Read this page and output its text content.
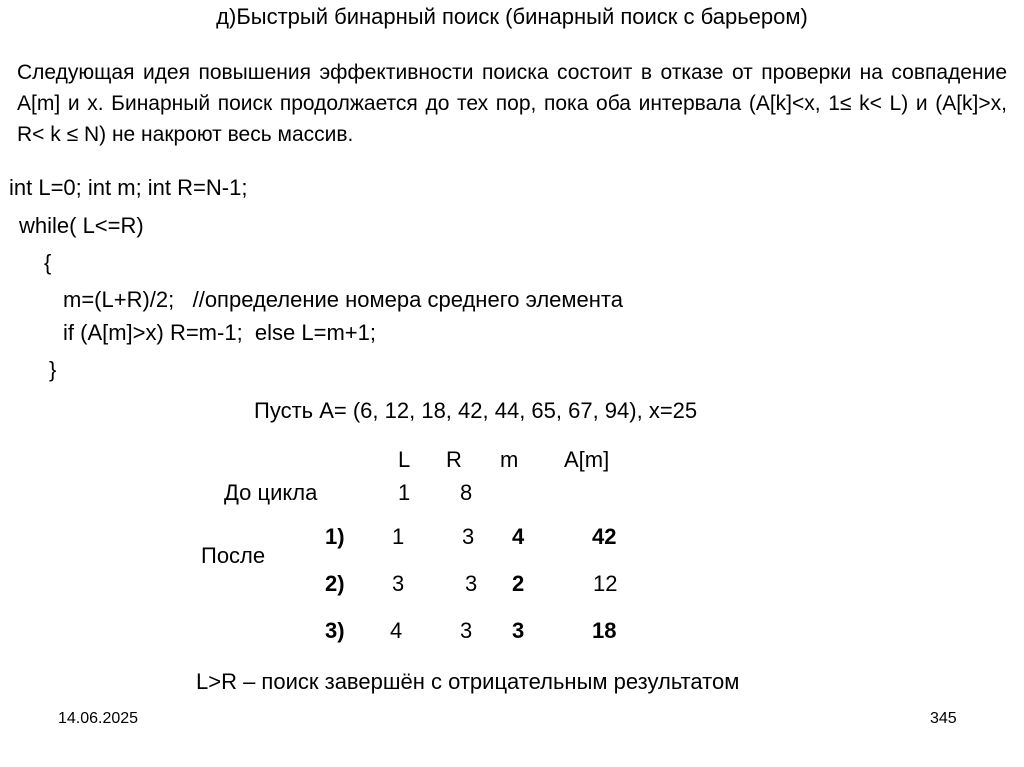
д)Быстрый бинарный поиск (бинарный поиск с барьером)
Следующая идея повышения эффективности поиска состоит в отказе от проверки на совпадение A[m] и x. Бинарный поиск продолжается до тех пор, пока оба интервала (A[k]<x, 1≤ k< L) и (A[k]>x, R< k ≤ N) не накроют весь массив.
int L=0; int m; int R=N-1;
while( L<=R)
{
m=(L+R)/2;   //определение номера среднего элемента
if (A[m]>x) R=m-1;  else L=m+1;
}
Пусть A= (6, 12, 18, 42, 44, 65, 67, 94), x=25
L R m A[m]
До цикла	1 8
После
1) 1	3 4	42
2) 3	3 2	12
3) 4	3 3	18
L>R – поиск завершён с отрицательным результатом
14.06.2025	345
